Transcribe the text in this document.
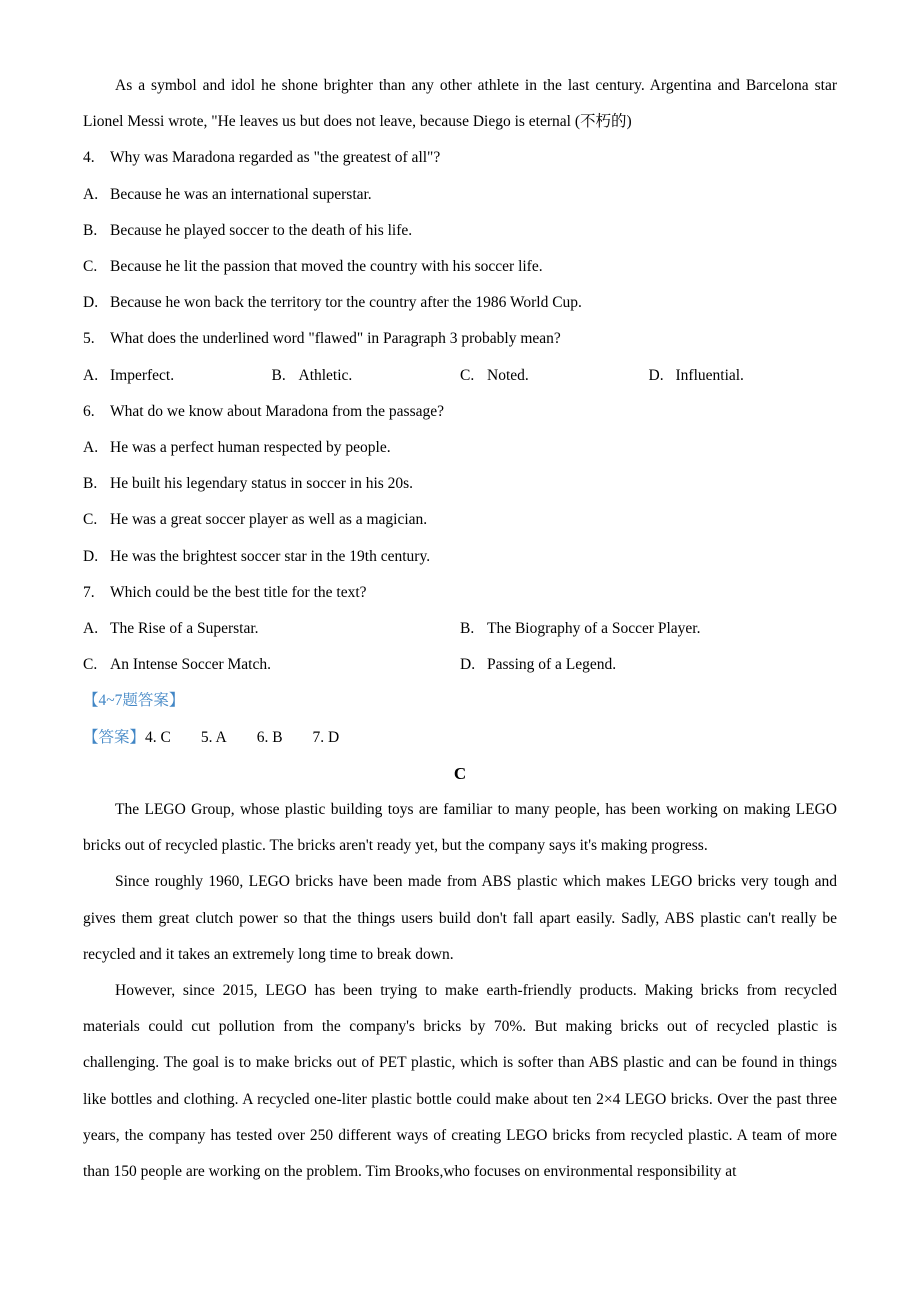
As a symbol and idol he shone brighter than any other athlete in the last century. Argentina and Barcelona star Lionel Messi wrote, "He leaves us but does not leave, because Diego is eternal (不朽的)

4. Why was Maradona regarded as "the greatest of all"?
A. Because he was an international superstar.
B. Because he played soccer to the death of his life.
C. Because he lit the passion that moved the country with his soccer life.
D. Because he won back the territory tor the country after the 1986 World Cup.
5. What does the underlined word "flawed" in Paragraph 3 probably mean?
A. Imperfect.	B. Athletic.	C. Noted.	D. Influential.
6. What do we know about Maradona from the passage?
A. He was a perfect human respected by people.
B. He built his legendary status in soccer in his 20s.
C. He was a great soccer player as well as a magician.
D. He was the brightest soccer star in the 19th century.
7. Which could be the best title for the text?
A. The Rise of a Superstar.	B. The Biography of a Soccer Player.
C. An Intense Soccer Match.	D. Passing of a Legend.
【4~7题答案】
【答案】4. C 5. A 6. B 7. D
C

The LEGO Group, whose plastic building toys are familiar to many people, has been working on making LEGO bricks out of recycled plastic. The bricks aren't ready yet, but the company says it's making progress.

Since roughly 1960, LEGO bricks have been made from ABS plastic which makes LEGO bricks very tough and gives them great clutch power so that the things users build don't fall apart easily. Sadly, ABS plastic can't really be recycled and it takes an extremely long time to break down.

However, since 2015, LEGO has been trying to make earth-friendly products. Making bricks from recycled materials could cut pollution from the company's bricks by 70%. But making bricks out of recycled plastic is challenging. The goal is to make bricks out of PET plastic, which is softer than ABS plastic and can be found in things like bottles and clothing. A recycled one-liter plastic bottle could make about ten 2×4 LEGO bricks. Over the past three years, the company has tested over 250 different ways of creating LEGO bricks from recycled plastic. A team of more than 150 people are working on the problem. Tim Brooks,who focuses on environmental responsibility at
